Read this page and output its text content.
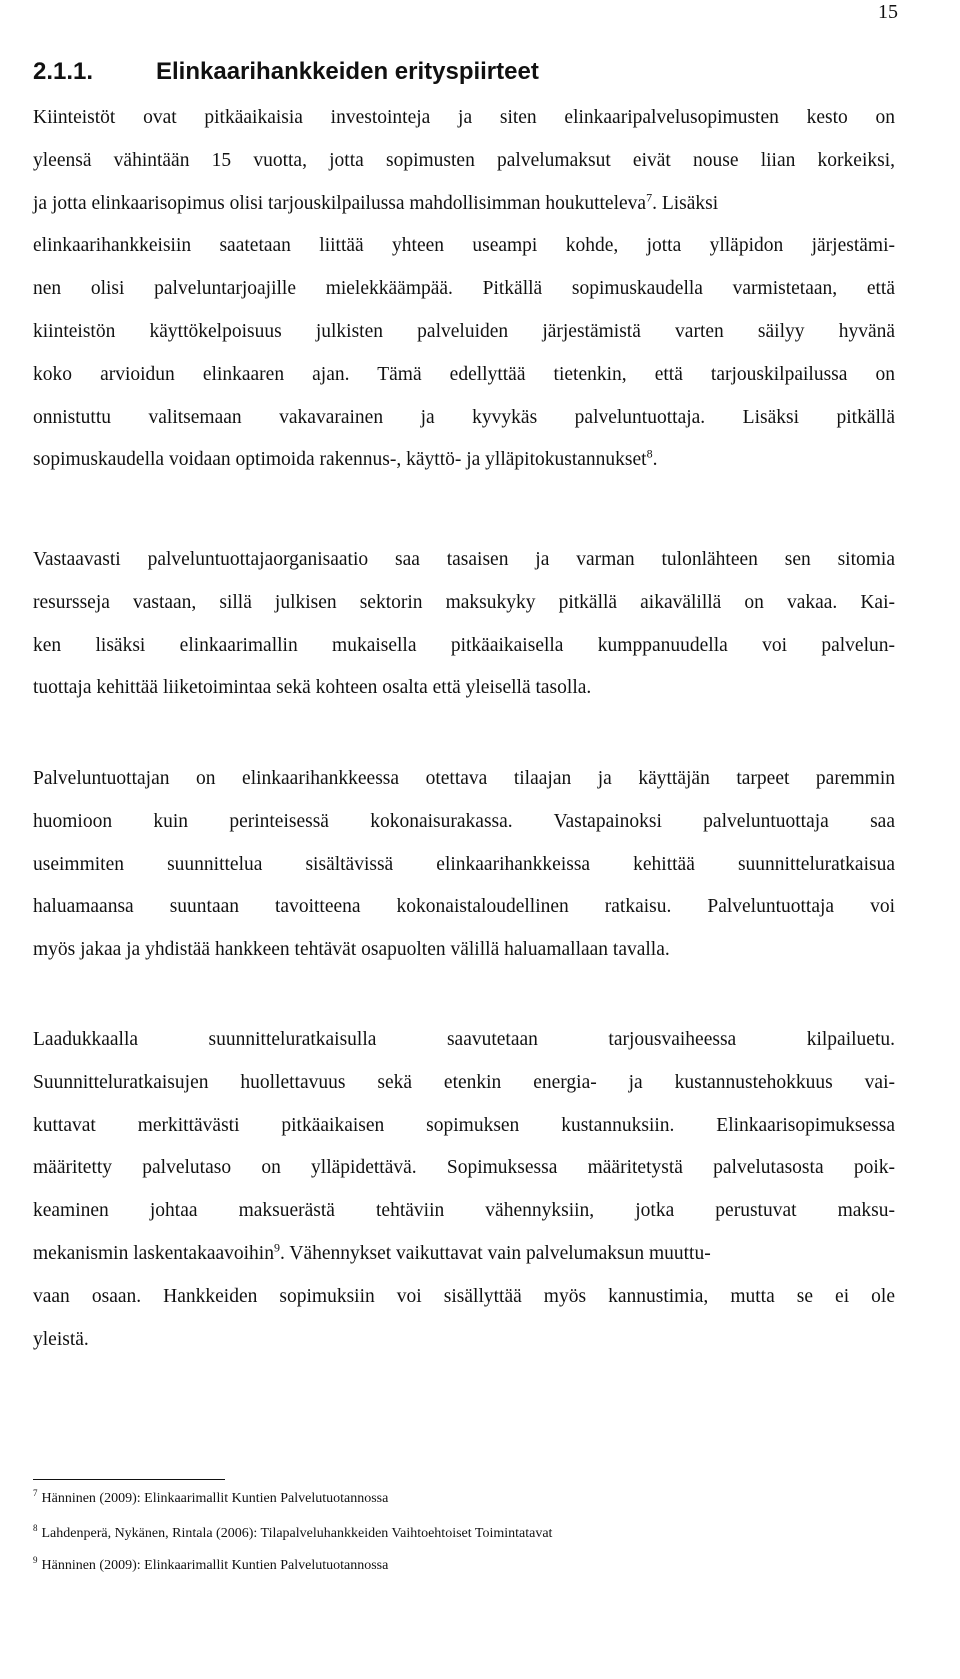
15
2.1.1.	Elinkaarihankkeiden erityspiirteet
Kiinteistöt ovat pitkäaikaisia investointeja ja siten elinkaaripalvelusopimusten kesto on
yleensä vähintään 15 vuotta, jotta sopimusten palvelumaksut eivät nouse liian korkeiksi,
ja jotta elinkaarisopimus olisi tarjouskilpailussa mahdollisimman houkutteleva$^7$. Lisäksi
elinkaarihankkeisiin saatetaan liittää yhteen useampi kohde, jotta ylläpidon järjestämi-
nen olisi palveluntarjoajille mielekkäämpää. Pitkällä sopimuskaudella varmistetaan, että
kiinteistön käyttökelpoisuus julkisten palveluiden järjestämistä varten säilyy hyvänä
koko arvioidun elinkaaren ajan. Tämä edellyttää tietenkin, että tarjouskilpailussa on
onnistuttu valitsemaan vakavarainen ja kyvykäs palveluntuottaja. Lisäksi pitkällä
sopimuskaudella voidaan optimoida rakennus-, käyttö- ja ylläpitokustannukset$^8$.
Vastaavasti palveluntuottajaorganisaatio saa tasaisen ja varman tulonlähteen sen sitomia
resursseja vastaan, sillä julkisen sektorin maksukyky pitkällä aikavälillä on vakaa. Kai-
ken lisäksi elinkaarimallin mukaisella pitkäaikaisella kumppanuudella voi palvelun-
tuottaja kehittää liiketoimintaa sekä kohteen osalta että yleisellä tasolla.
Palveluntuottajan on elinkaarihankkeessa otettava tilaajan ja käyttäjän tarpeet paremmin
huomioon kuin perinteisessä kokonaisurakassa. Vastapainoksi palveluntuottaja saa
useimmiten suunnittelua sisältävissä elinkaarihankkeissa kehittää suunnitteluratkaisua
haluamaansa suuntaan tavoitteena kokonaistaloudellinen ratkaisu. Palveluntuottaja voi
myös jakaa ja yhdistää hankkeen tehtävät osapuolten välillä haluamallaan tavalla.
Laadukkaalla suunnitteluratkaisulla saavutetaan tarjousvaiheessa kilpailuetu.
Suunnitteluratkaisujen huollettavuus sekä etenkin energia- ja kustannustehokkuus vai-
kuttavat merkittävästi pitkäaikaisen sopimuksen kustannuksiin. Elinkaarisopimuksessa
määritetty palvelutaso on ylläpidettävä. Sopimuksessa määritetystä palvelutasosta poik-
keaminen johtaa maksuerästä tehtäviin vähennyksiin, jotka perustuvat maksu-
mekanismin laskentakaavoihin$^9$. Vähennykset vaikuttavat vain palvelumaksun muuttu-
vaan osaan. Hankkeiden sopimuksiin voi sisällyttää myös kannustimia, mutta se ei ole
yleistä.
$^7$ Hänninen (2009): Elinkaarimallit Kuntien Palvelutuotannossa
$^8$ Lahdenperä, Nykänen, Rintala (2006): Tilapalveluhankkeiden Vaihtoehtoiset Toimintatavat
$^9$ Hänninen (2009): Elinkaarimallit Kuntien Palvelutuotannossa
